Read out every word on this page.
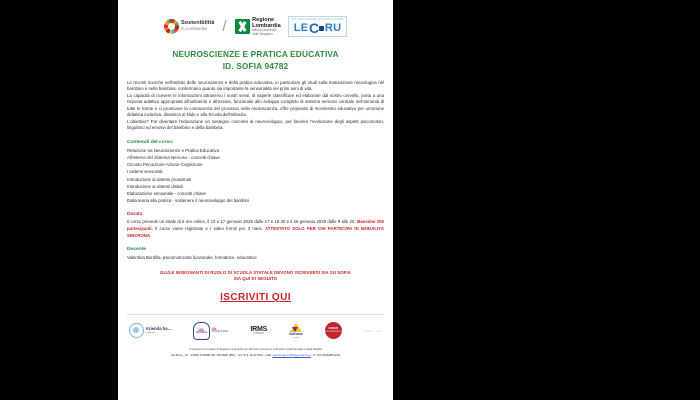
Sostenibilità
in Lombardia	/	Regione
Lombardia
Istituto Nazionale
Valle Bergamo
VALORIZZAZIONE QUALIFICAZIONE
LE C RU
NEUROSCIENZE E PRATICA EDUCATIVA
ID. SOFIA 94782

Le recenti ricerche nell'ambito delle neuroscienze e della pratica educativa, in particolare gli studi sulla maturazione neurologica nel bambino e nella bambina, confermano quanto sia importante la sensorialità nei primi anni di vita.

La capacità di ricevere le informazioni attraverso i nostri sensi, di saperle classificare ed elaborare dal nostro cervello, porta a una risposta adattiva appropriata all'ambiente e all'azione, funzionale allo sviluppo completo di sistema nervoso centrale nell'armonia di tutte le forme e ci promuove la conoscenza del processo nella neuroscienza, offre proposito di movimento educativo per un'azione didattica inclusiva, dinamica al Nido e alla Scuola dell'Infanzia.

L'obiettivo? Far diventare l'educazione un sostegno concreto al neurosviluppo, per favorire l'evoluzione degli aspetti psicomotori, linguistici ed emotivi del bambino e della bambina.

Contenuti del corso:
Relazione tra Neuroscienze e Pratica Educativa
All'interno del Sistema Nervoso - concetti chiave
Circuito Percezione-Azione-Cognizione
I sistemi sensoriali
Introduzione ai sistemi prossimali
Introduzione ai sistemi distali
Elaborazione sensoriale - concetti chiave
Dalla teoria alla pratica - sostenere il neurosviluppo dei bambini
Durata
Il corso prevede un totale di 8 ore online, il 10 e 17 gennaio 2025 dalle 17 e 19.30 e il 26 gennaio 2025 dalle 9 alle 20. Massimo 250 partecipanti. Il corso viene registrato e i video forniti per 3 mesi. ATTESTATO SOLO PER CHI PARTECIPA IN MODALITÀ SINCRONA.
Docente
Valentina Bordilla, psicomotricista funzionale, formatrice, educatrice
GLI/LE INSEGNANTI DI RUOLO DI SCUOLA STATALE DEVONO ISCRIVERSI SIA SU SOFIA
SIA QUI DI SEGUITO
ISCRIVITI QUI
Azienda ha...
nobile del ...
UIL
SCUOLA
UIL
SCUOLA RUA	IRMS
ISTITUTO	Aithma
scuola
CORSO
RICONOSCIUTO	smart ...ooh
Programma Formativo di Regione Lombardia con Ministero Istruzione e Ministero della Famiglia e della Natalità
Via Broni, 16 - 24050 TORRE DE' ROVERI (BG) - Tel. 371.12.47.352 - mail: valentinabordilla@gmail.com - P. IVA 04452811219
